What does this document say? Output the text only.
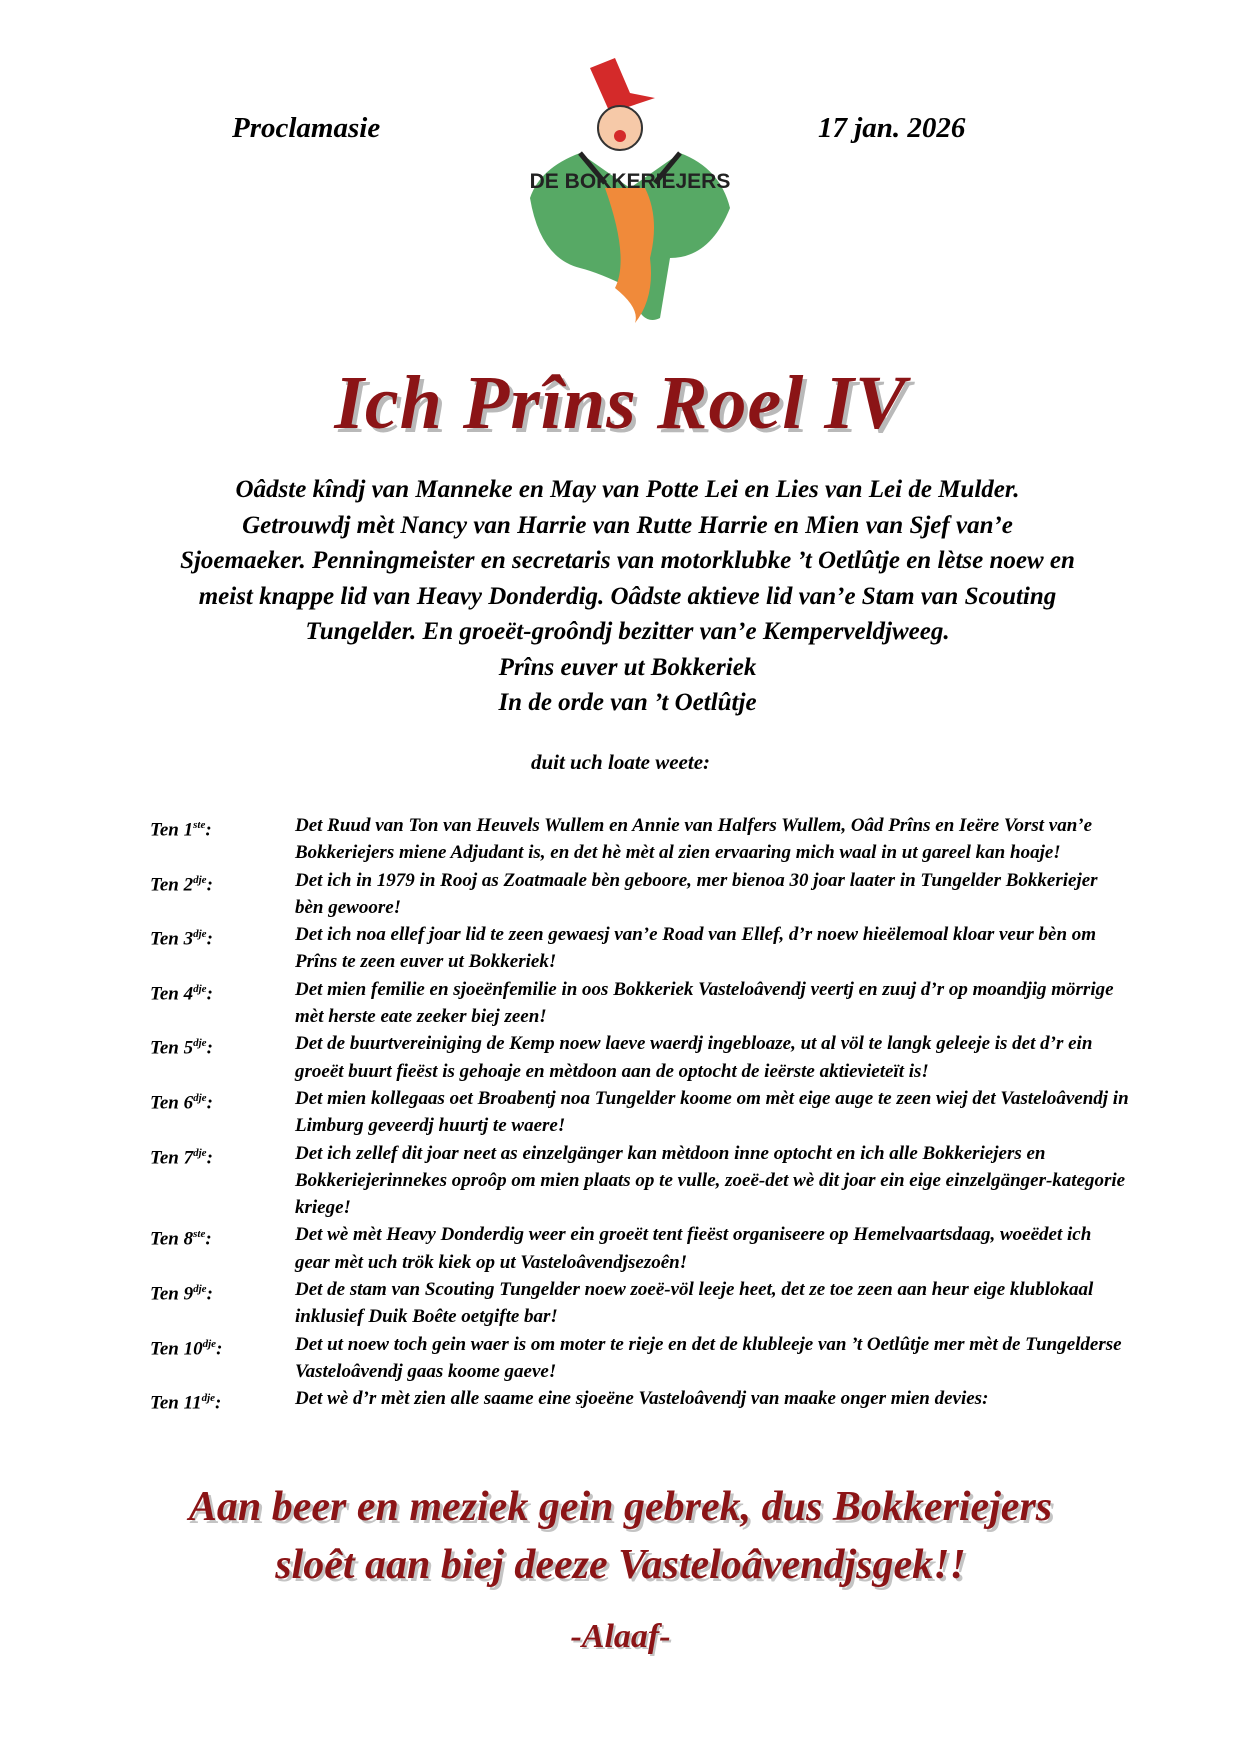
Proclamasie	17 jan. 2026
DE BOKKERIEJERS
Ich Prîns Roel IV
Oâdste kîndj van Manneke en May van Potte Lei en Lies van Lei de Mulder.
Getrouwdj mèt Nancy van Harrie van Rutte Harrie en Mien van Sjef van’e
Sjoemaeker. Penningmeister en secretaris van motorklubke ’t Oetlûtje en lètse noew en
meist knappe lid van Heavy Donderdig. Oâdste aktieve lid van’e Stam van Scouting
Tungelder. En groeët-groôndj bezitter van’e Kemperveldjweeg.
Prîns euver ut Bokkeriek
In de orde van ’t Oetlûtje
duit uch loate weete:
Ten 1ste:	Det Ruud van Ton van Heuvels Wullem en Annie van Halfers Wullem, Oâd Prîns en Ieëre Vorst van’e Bokkeriejers miene Adjudant is, en det hè mèt al zien ervaaring mich waal in ut gareel kan hoaje!
Ten $2^{dje}$:	Det ich in 1979 in Rooj as Zoatmaale bèn geboore, mer bienoa 30 joar laater in Tungelder Bokkeriejer bèn gewoore!
Ten $3^{dje}$:	Det ich noa ellef joar lid te zeen gewaesj van’e Road van Ellef, d’r noew hieëlemoal kloar veur bèn om Prîns te zeen euver ut Bokkeriek!
Ten $4^{dje}$:	Det mien femilie en sjoeënfemilie in oos Bokkeriek Vasteloâvendj veertj en zuuj d’r op moandjig mörrige mèt herste eate zeeker biej zeen!
Ten $5^{dje}$:	Det de buurtvereiniging de Kemp noew laeve waerdj ingebloaze, ut al völ te langk geleeje is det d’r ein groeët buurt fieëst is gehoaje en mètdoon aan de optocht de ieërste aktievieteït is!
Ten $6^{dje}$:	Det mien kollegaas oet Broabentj noa Tungelder koome om mèt eige auge te zeen wiej det Vasteloâvendj in Limburg geveerdj huurtj te waere!
Ten $7^{dje}$:	Det ich zellef dit joar neet as einzelgänger kan mètdoon inne optocht en ich alle Bokkeriejers en Bokkeriejerinnekes oproôp om mien plaats op te vulle, zoeë-det wè dit joar ein eige einzelgänger-kategorie kriege!
Ten 8ste:	Det wè mèt Heavy Donderdig weer ein groeët tent fieëst organiseere op Hemelvaartsdaag, woeëdet ich gear mèt uch trök kiek op ut Vasteloâvendjsezoên!
Ten $9^{dje}$:	Det de stam van Scouting Tungelder noew zoeë-völ leeje heet, det ze toe zeen aan heur eige klublokaal inklusief Duik Boête oetgifte bar!
Ten $10^{dje}$:	Det ut noew toch gein waer is om moter te rieje en det de klubleeje van ’t Oetlûtje mer mèt de Tungelderse Vasteloâvendj gaas koome gaeve!
Ten $11^{dje}$:	Det wè d’r mèt zien alle saame eine sjoeëne Vasteloâvendj van maake onger mien devies:
Aan beer en meziek gein gebrek, dus Bokkeriejers
sloêt aan biej deeze Vasteloâvendjsgek!!
-Alaaf-
